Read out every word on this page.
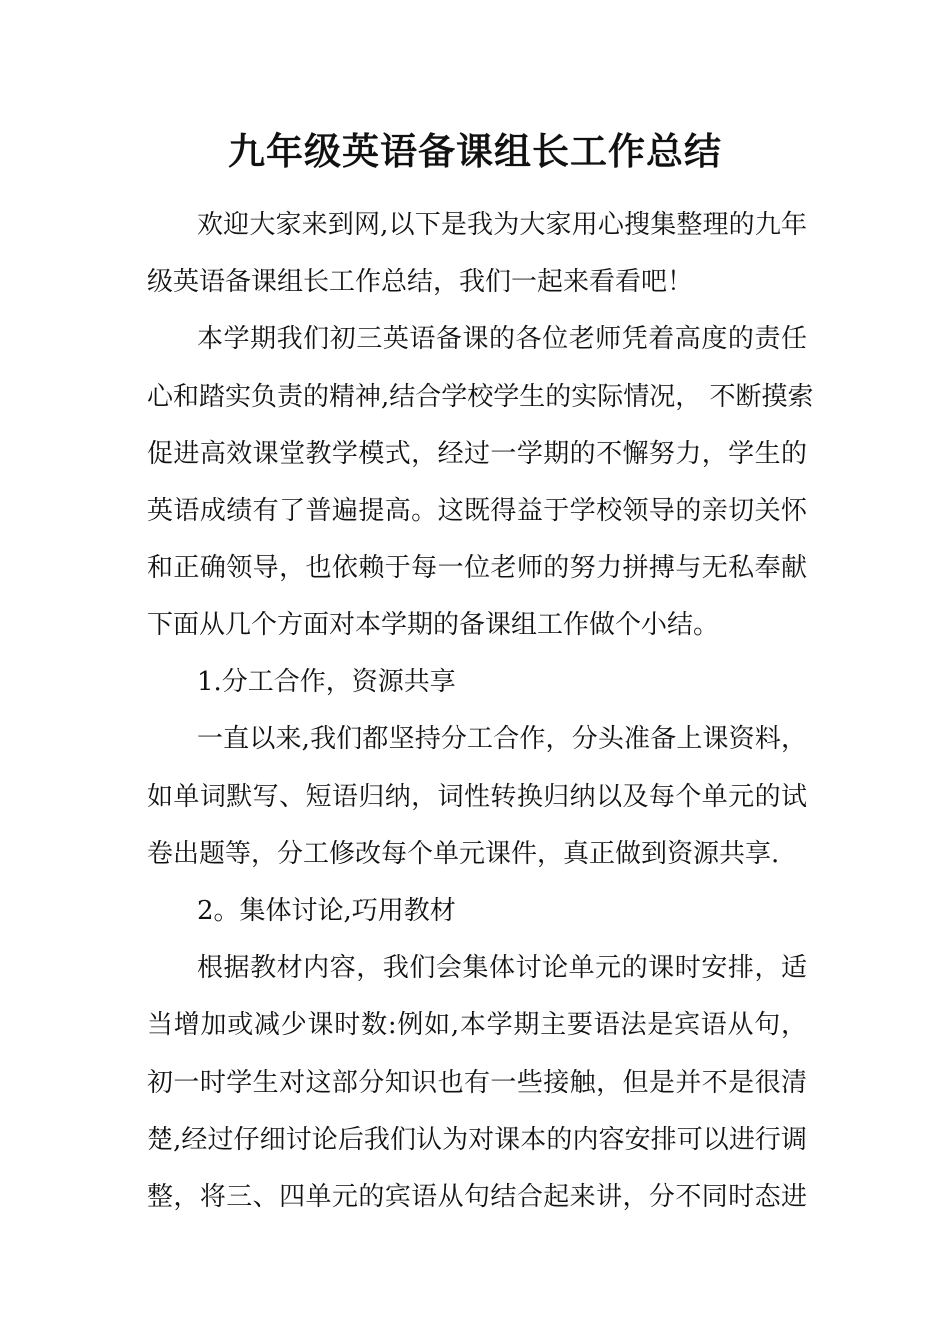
九年级英语备课组长工作总结

欢迎大家来到网,以下是我为大家用心搜集整理的九年

级英语备课组长工作总结，我们一起来看看吧！

本学期我们初三英语备课的各位老师凭着高度的责任

心和踏实负责的精神,结合学校学生的实际情况， 不断摸索

促进高效课堂教学模式，经过一学期的不懈努力，学生的

英语成绩有了普遍提高。这既得益于学校领导的亲切关怀

和正确领导，也依赖于每一位老师的努力拼搏与无私奉献

下面从几个方面对本学期的备课组工作做个小结。

1.分工合作，资源共享

一直以来,我们都坚持分工合作，分头准备上课资料，

如单词默写、短语归纳，词性转换归纳以及每个单元的试

卷出题等，分工修改每个单元课件，真正做到资源共享.

2。集体讨论,巧用教材

根据教材内容，我们会集体讨论单元的课时安排，适

当增加或减少课时数:例如,本学期主要语法是宾语从句，

初一时学生对这部分知识也有一些接触，但是并不是很清

楚,经过仔细讨论后我们认为对课本的内容安排可以进行调

整，将三、四单元的宾语从句结合起来讲，分不同时态进
